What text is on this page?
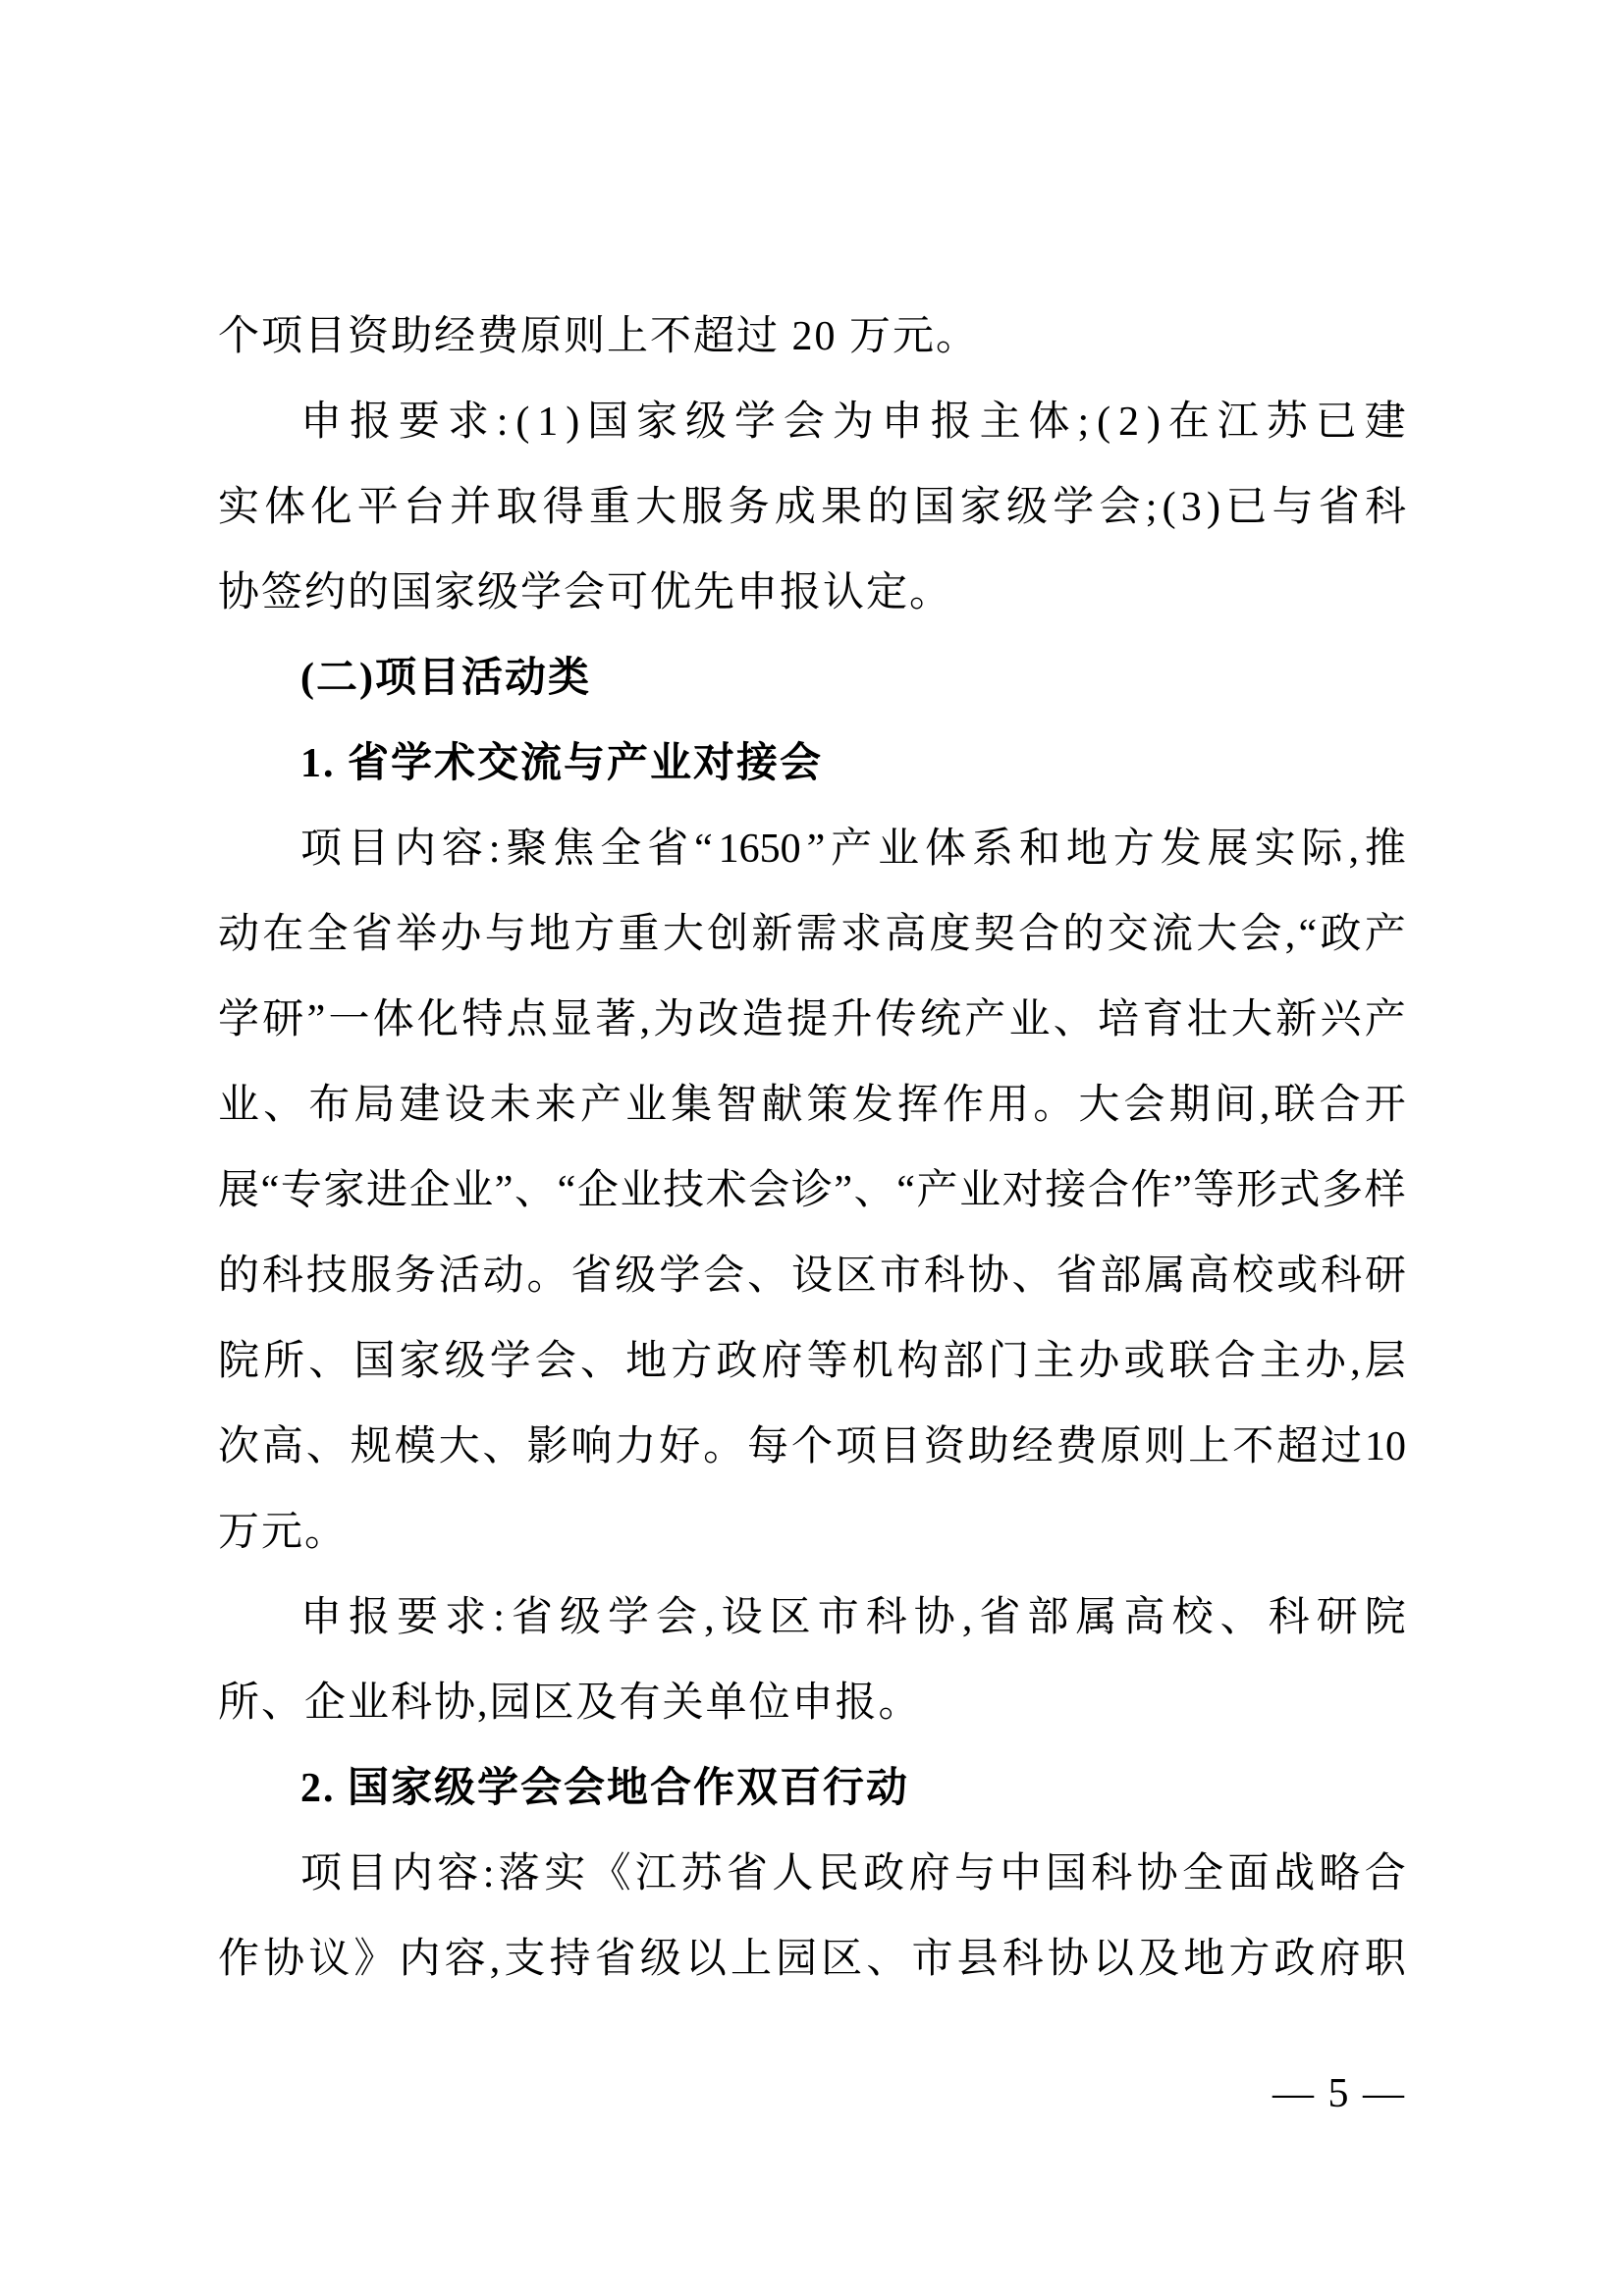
个项目资助经费原则上不超过 20 万元。
申 报 要 求 : ( 1 ) 国 家 级 学 会 为 申 报 主 体 ; ( 2 ) 在 江 苏 已 建
实 体 化 平 台 并 取 得 重 大 服 务 成 果 的 国 家 级 学 会 ; ( 3 ) 已 与 省 科
协签约的国家级学会可优先申报认定。
(二)项目活动类
1. 省学术交流与产业对接会
项 目 内 容 : 聚 焦 全 省 “ 1650 ” 产 业 体 系 和 地 方 发 展 实 际 , 推
动 在 全 省 举 办 与 地 方 重 大 创 新 需 求 高 度 契 合 的 交 流 大 会 , “ 政 产
学 研 ” 一 体 化 特 点 显 著 , 为 改 造 提 升 传 统 产 业 、 培 育 壮 大 新 兴 产
业 、 布 局 建 设 未 来 产 业 集 智 献 策 发 挥 作 用 。 大 会 期 间 , 联 合 开
展 “ 专 家 进 企 业 ” 、 “ 企 业 技 术 会 诊 ” 、 “ 产 业 对 接 合 作 ” 等 形 式 多 样
的 科 技 服 务 活 动 。 省 级 学 会 、 设 区 市 科 协 、 省 部 属 高 校 或 科 研
院 所 、 国 家 级 学 会 、 地 方 政 府 等 机 构 部 门 主 办 或 联 合 主 办 , 层
次 高 、 规 模 大 、 影 响 力 好 。 每 个 项 目 资 助 经 费 原 则 上 不 超 过 10
万元。
申 报 要 求 : 省 级 学 会 , 设 区 市 科 协 , 省 部 属 高 校 、 科 研 院
所、企业科协,园区及有关单位申报。
2. 国家级学会会地合作双百行动
项 目 内 容 : 落 实 《 江 苏 省 人 民 政 府 与 中 国 科 协 全 面 战 略 合
作 协 议 》 内 容 , 支 持 省 级 以 上 园 区 、 市 县 科 协 以 及 地 方 政 府 职
— 5 —
